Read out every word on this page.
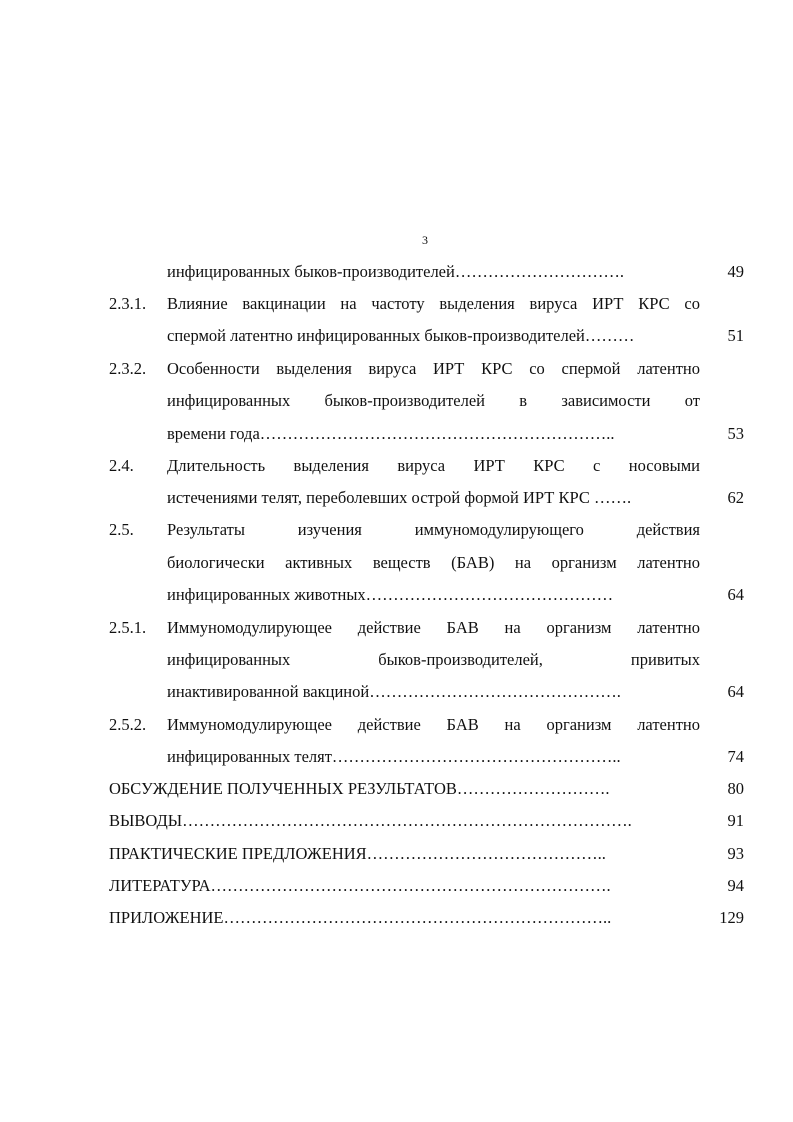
3
инфицированных быков-производителей………………………….	49
2.3.1. Влияние вакцинации на частоту выделения вируса ИРТ КРС со
спермой латентно инфицированных быков-производителей………	51
2.3.2. Особенности выделения вируса ИРТ КРС со спермой латентно
инфицированных быков-производителей в зависимости от
времени года………………………………………………………..	53
2.4. Длительность выделения вируса ИРТ КРС с носовыми
истечениями телят, переболевших острой формой ИРТ КРС …….	62
2.5. Результаты изучения иммуномодулирующего действия
биологически активных веществ (БАВ) на организм латентно
инфицированных животных………………………………………	64
2.5.1. Иммуномодулирующее действие БАВ на организм латентно
инфицированных быков-производителей, привитых
инактивированной вакциной……………………………………….	64
2.5.2. Иммуномодулирующее действие БАВ на организм латентно
инфицированных телят……………………………………………..	74
ОБСУЖДЕНИЕ ПОЛУЧЕННЫХ РЕЗУЛЬТАТОВ……………………….	80
ВЫВОДЫ……………………………………………………………………….	91
ПРАКТИЧЕСКИЕ ПРЕДЛОЖЕНИЯ……………………………………..	93
ЛИТЕРАТУРА……………………………………………………………….	94
ПРИЛОЖЕНИЕ……………………………………………………………..	129
